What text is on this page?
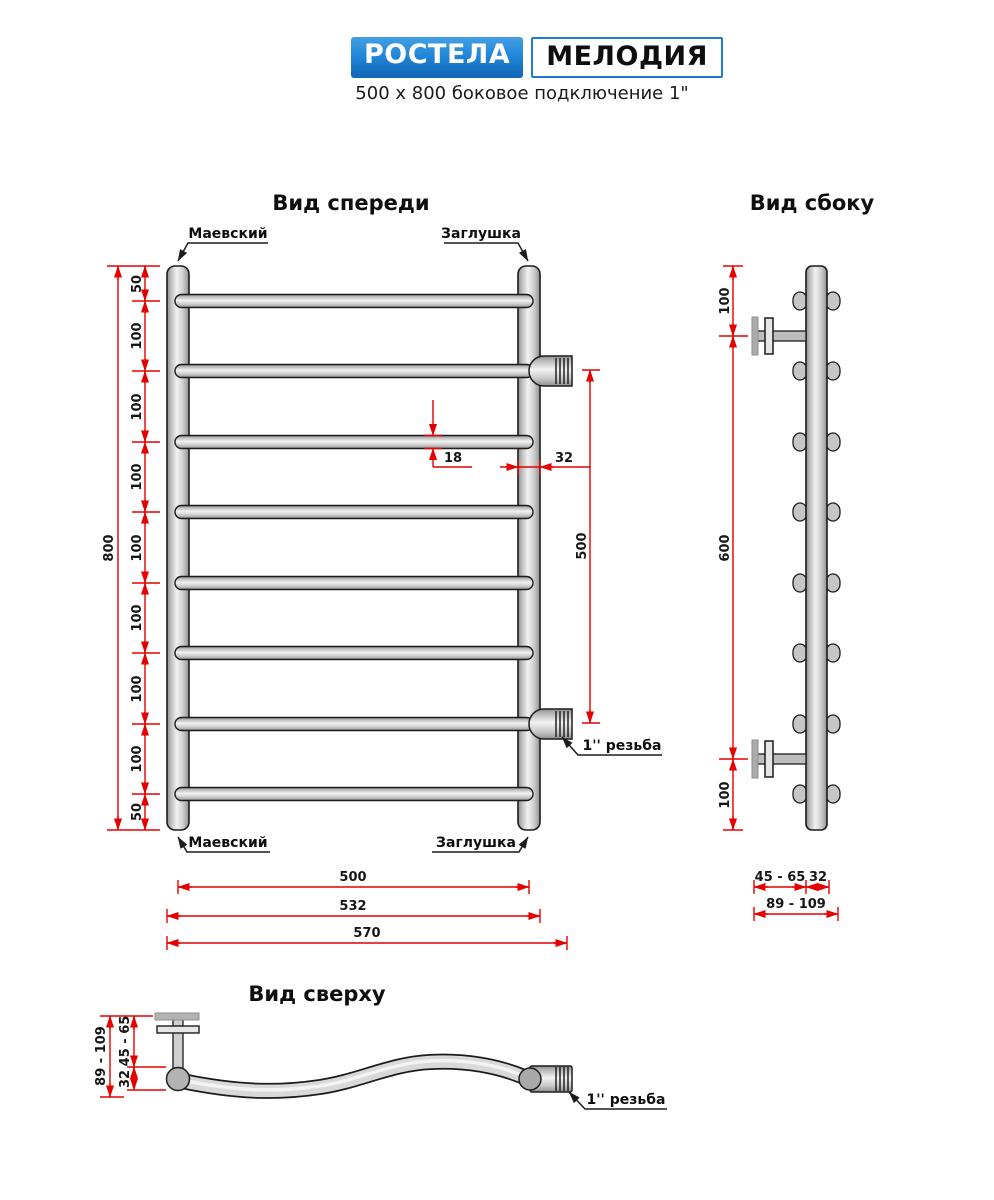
РОСТЕЛА	МЕЛОДИЯ
500 x 800 боковое подключение 1"
Вид спереди
Маевский	Заглушка
Маевский	Заглушка
1'' резьба
50
100
100
100
100
100
100
100
50
800
18	32
500
500
532
570
Вид сбоку
100
600
100
45 - 65 32
89 - 109
Вид сверху
1'' резьба
89 - 109 45 - 65
32
